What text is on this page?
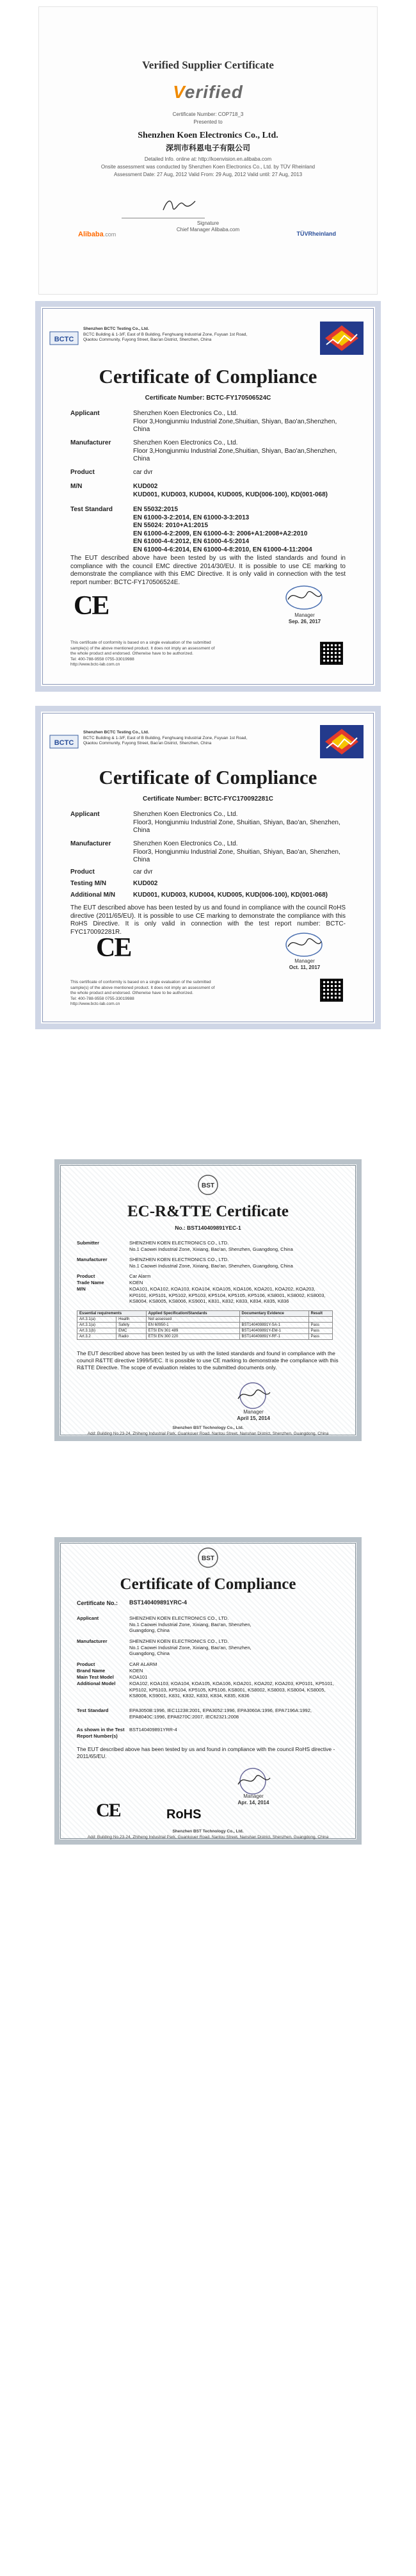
Verified Supplier Certificate
Verified
Certificate Number: COP718_3
Presented to
Shenzhen Koen Electronics Co., Ltd.
深圳市科恩电子有限公司
Detailed Info. online at: http://koenvision.en.alibaba.com
Onsite assessment was conducted by Shenzhen Koen Electronics Co., Ltd. by TÜV Rheinland
Assessment Date: 27 Aug, 2012 Valid From: 29 Aug, 2012 Valid until: 27 Aug, 2013
Signature
Chief Manager Alibaba.com
Alibaba.com	TÜVRheinland
BCTC
Shenzhen BCTC Testing Co., Ltd.
BCTC Building & 1-3/F, East of B Building, Fenghuang Industrial Zone, Fuyuan 1st Road,
Qiaotou Community, Fuyong Street, Bao'an District, Shenzhen, China
Certificate of Compliance
Certificate Number: BCTC-FY170506524C
Applicant	Shenzhen Koen Electronics Co., Ltd.
Floor 3,Hongjunmiu Industrial Zone,Shuitian, Shiyan, Bao'an,Shenzhen,
China
Manufacturer	Shenzhen Koen Electronics Co., Ltd.
Floor 3,Hongjunmiu Industrial Zone,Shuitian, Shiyan, Bao'an,Shenzhen,
China
Product	car dvr
M/N	KUD002
KUD001, KUD003, KUD004, KUD005, KUD(006-100), KD(001-068)
Test Standard	EN 55032:2015
EN 61000-3-2:2014, EN 61000-3-3:2013
EN 55024: 2010+A1:2015
EN 61000-4-2:2009, EN 61000-4-3: 2006+A1:2008+A2:2010
EN 61000-4-4:2012, EN 61000-4-5:2014
EN 61000-4-6:2014, EN 61000-4-8:2010, EN 61000-4-11:2004
The EUT described above have been tested by us with the listed standards and found in compliance with the council EMC directive 2014/30/EU. It is possible to use CE marking to demonstrate the compliance with this EMC Directive. It is only valid in connection with the test report number: BCTC-FY170506524E.
CE	Manager
Sep. 26, 2017
This certificate of conformity is based on a single evaluation of the submitted
sample(s) of the above mentioned product. It does not imply an assessment of
the whole product and endorsed. Otherwise have to be authorized.
Tel: 400-788-9558 0755-33019988
http://www.bctc-lab.com.cn
BCTC
Shenzhen BCTC Testing Co., Ltd.
BCTC Building & 1-3/F, East of B Building, Fenghuang Industrial Zone, Fuyuan 1st Road,
Qiaotou Community, Fuyong Street, Bao'an District, Shenzhen, China
Certificate of Compliance
Certificate Number: BCTC-FYC170092281C
Applicant	Shenzhen Koen Electronics Co., Ltd.
Floor3, Hongjunmiu Industrial Zone, Shuitian, Shiyan, Bao'an, Shenzhen,
China
Manufacturer	Shenzhen Koen Electronics Co., Ltd.
Floor3, Hongjunmiu Industrial Zone, Shuitian, Shiyan, Bao'an, Shenzhen,
China
Product	car dvr
Testing M/N	KUD002
Additional M/N	KUD001, KUD003, KUD004, KUD005, KUD(006-100), KD(001-068)
The EUT described above has been tested by us and found in compliance with the council RoHS directive (2011/65/EU). It is possible to use CE marking to demonstrate the compliance with this RoHS Directive. It is only valid in connection with the test report number: BCTC-FYC170092281R.
CE	Manager
Oct. 11, 2017
This certificate of conformity is based on a single evaluation of the submitted
sample(s) of the above mentioned product. It does not imply an assessment of
the whole product and endorsed. Otherwise have to be authorized.
Tel: 400-788-9558 0755-33019988
http://www.bctc-lab.com.cn
BST
EC-R&TTE Certificate
No.: BST140409891YEC-1
Submitter	SHENZHEN KOEN ELECTRONICS CO., LTD.
No.1 Caowei Industrial Zone, Xixiang, Bao'an, Shenzhen, Guangdong, China
Manufacturer	SHENZHEN KOEN ELECTRONICS CO., LTD.
No.1 Caowei Industrial Zone, Xixiang, Bao'an, Shenzhen, Guangdong, China
Product	Car Alarm
Trade Name	KOEN
M/N	KOA101, KOA102, KOA103, KOA104, KOA105, KOA106, KOA201, KOA202, KOA203, KP0101, KP5101, KP5102, KP5103, KP5104, KP5105, KP5106, KS8001, KS8002, KS8003, KS8004, KS8005, KS8006, KS9001, K831, K832, K833, K834, K835, K836
Essential requirements		Applied Specification/Standards	Documentary Evidence	Result
Art.3.1(a)	Health	Not assessed		
Art.3.1(a)	Safety	EN 60950-1	BST140409891Y-SA-1	Pass
Art.3.1(b)	EMC	ETSI EN 301 489	BST140409891Y-EM-1	Pass
Art.3.2	Radio	ETSI EN 300 220	BST140409891Y-RF-1	Pass
The EUT described above has been tested by us with the listed standards and found in compliance with the council R&TTE directive 1999/5/EC. It is possible to use CE marking to demonstrate the compliance with this R&TTE Directive. The scope of evaluation relates to the submitted documents only.
Manager
April 15, 2014
Shenzhen BST Technology Co., Ltd.
Add: Building No.23-24, Zhiheng Industrial Park, Guankouer Road, Nantou Street, Nanshan District, Shenzhen, Guangdong, China
BST
Certificate of Compliance
Certificate No.: BST140409891YRC-4
Applicant	SHENZHEN KOEN ELECTRONICS CO., LTD.
No.1 Caowei Industrial Zone, Xixiang, Bao'an, Shenzhen,
Guangdong, China
Manufacturer	SHENZHEN KOEN ELECTRONICS CO., LTD.
No.1 Caowei Industrial Zone, Xixiang, Bao'an, Shenzhen,
Guangdong, China
Product	CAR ALARM
Brand Name	KOEN
Main Test Model	KOA101
Additional Model	KOA102, KOA103, KOA104, KOA105, KOA106, KOA201, KOA202, KOA203, KP0101, KP5101, KP5102, KP5103, KP5104, KP5105, KP5106, KS8001, KS8002, KS8003, KS8004, KS8005, KS8006, KS9001, K831, K832, K833, K834, K835, K836
Test Standard	EPA3050B:1996, IEC11238:2001, EPA3052:1996, EPA3060A:1996, EPA7196A:1992, EPA8040C:1996, EPA8270C:2007, IEC62321:2008
As shown in the Test Report Number(s)
BST140409891YRR-4
The EUT described above has been tested by us and found in compliance with the council RoHS directive - 2011/65/EU.
Manager
Apr. 14, 2014
RoHS
CE
Shenzhen BST Technology Co., Ltd.
Add: Building No.23-24, Zhiheng Industrial Park, Guankouer Road, Nantou Street, Nanshan District, Shenzhen, Guangdong, China
